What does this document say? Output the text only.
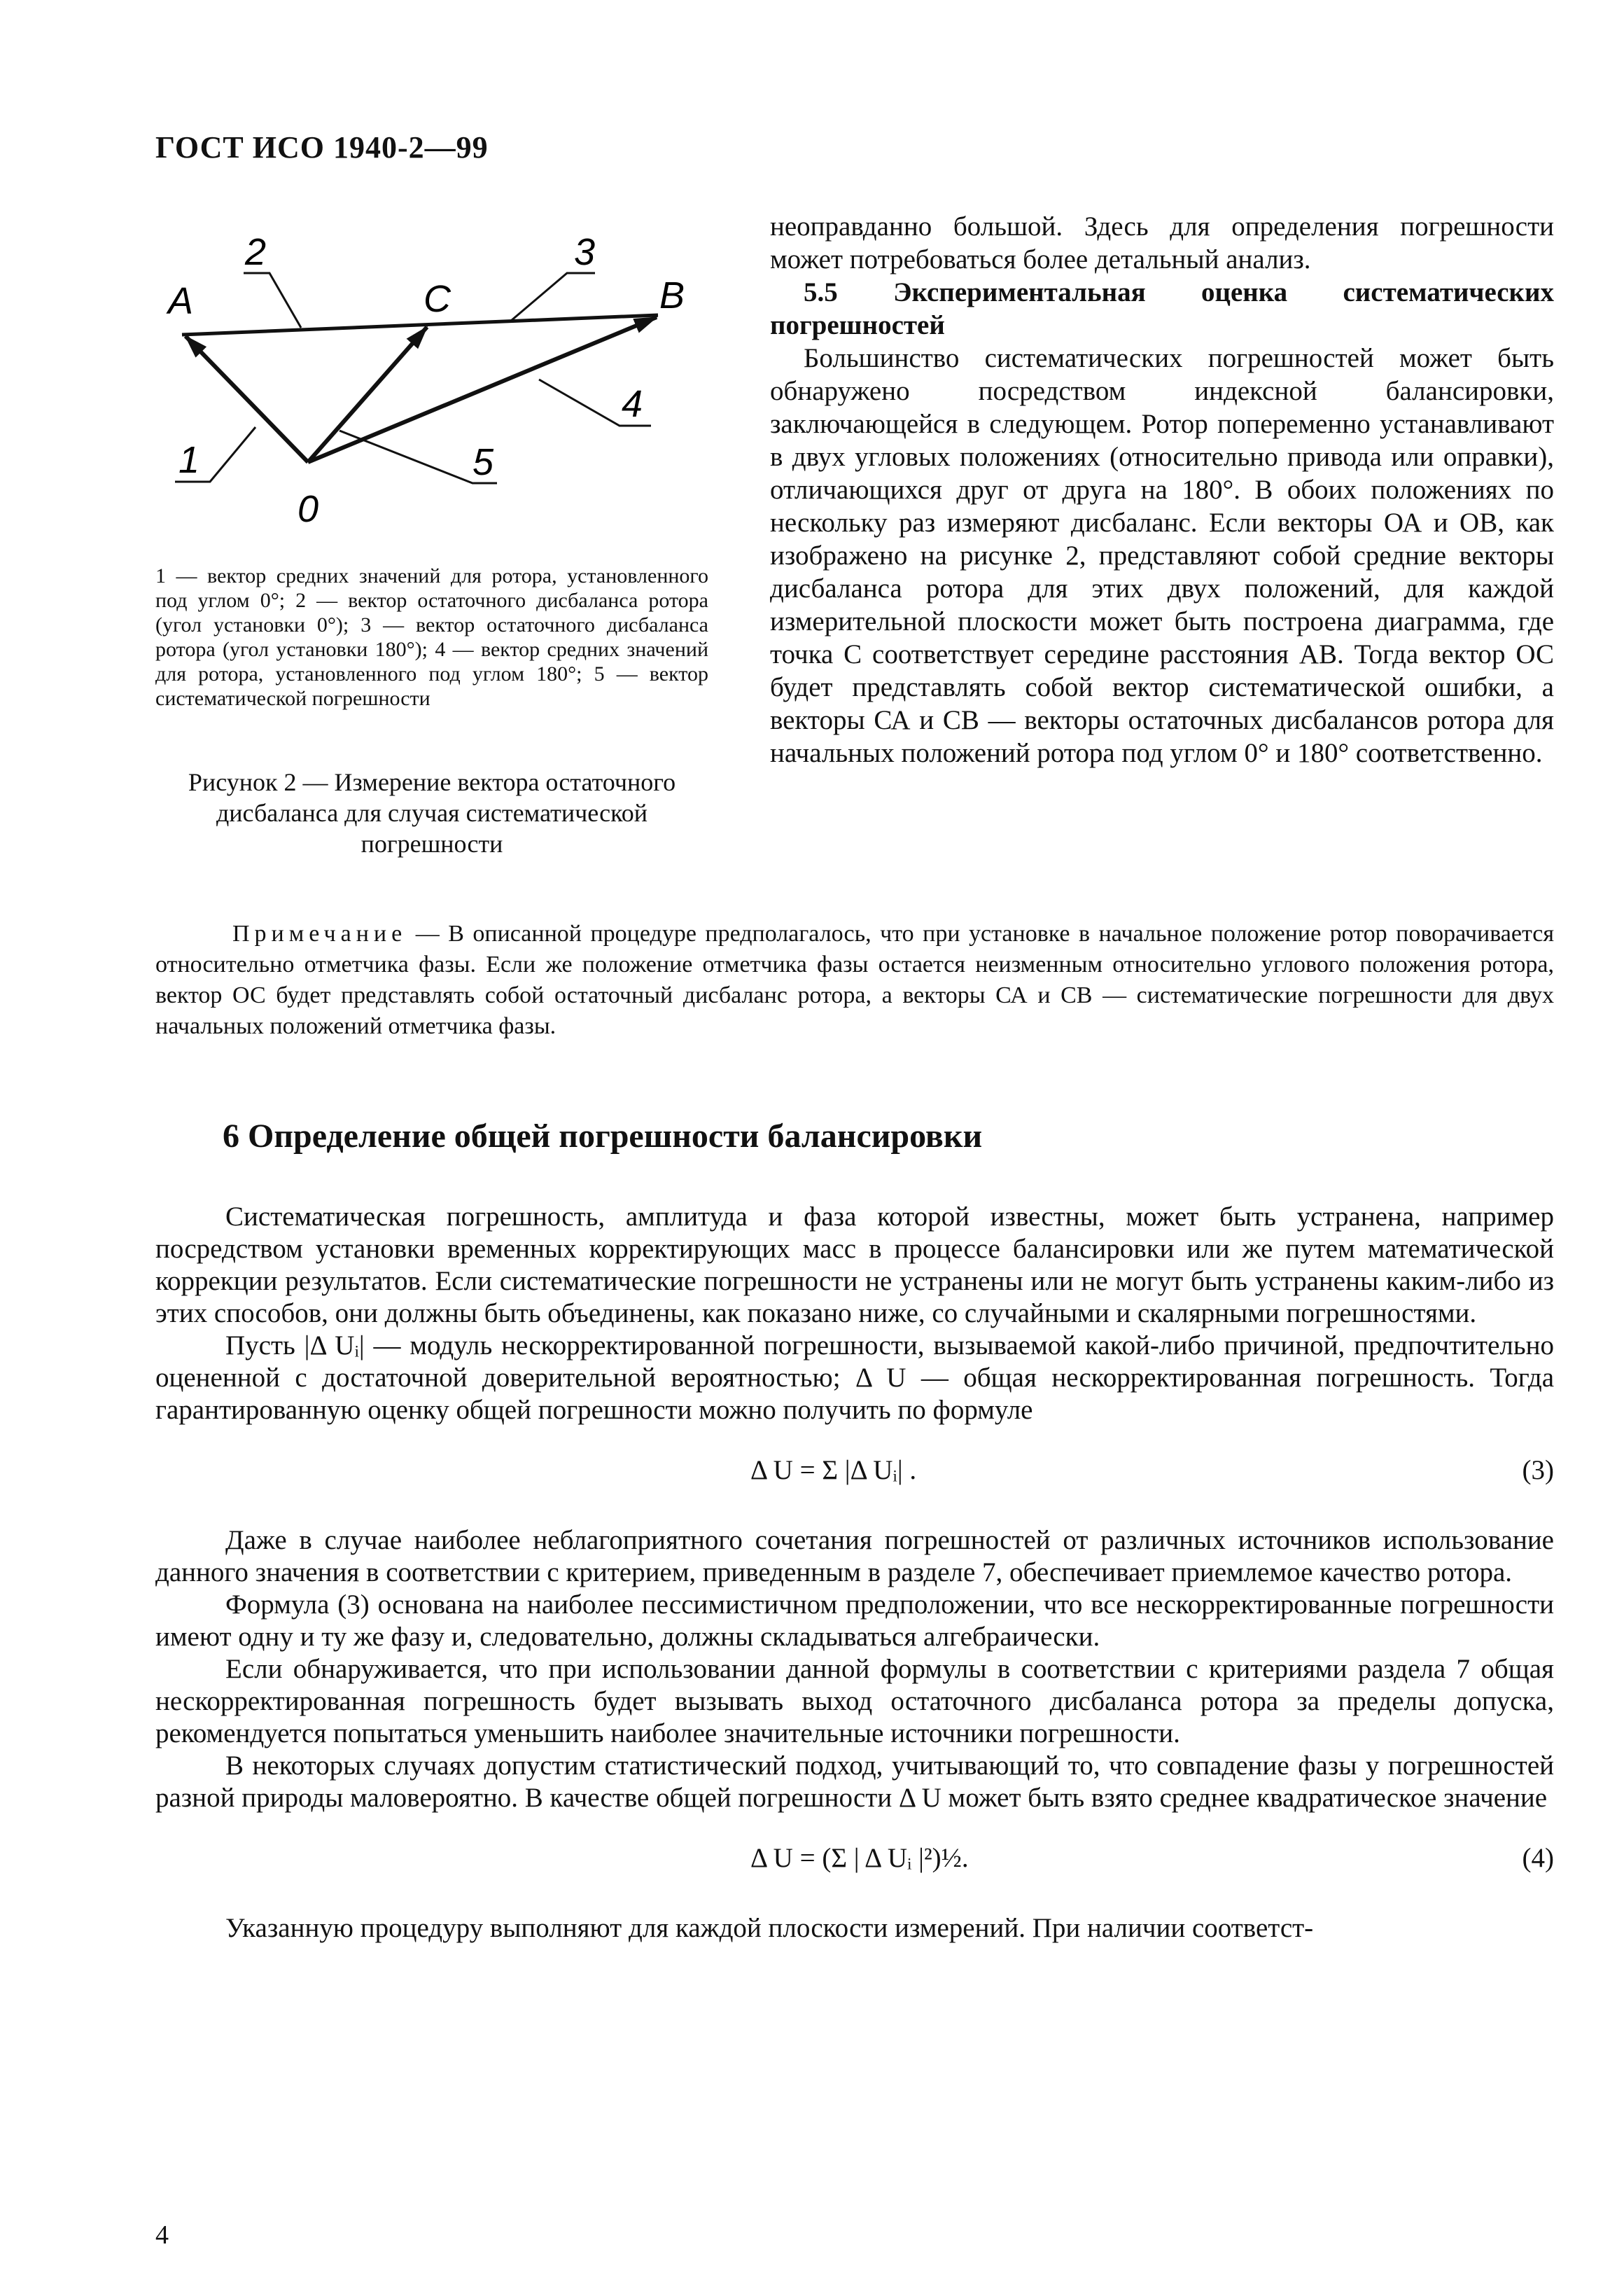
ГОСТ ИСО 1940-2—99
A	C	B
0
2	3
4
5
1
1 — вектор средних значений для ротора, установленного под углом 0°; 2 — вектор остаточного дисбаланса ротора (угол установки 0°); 3 — вектор остаточного дисбаланса ротора (угол установки 180°); 4 — вектор средних значений для ротора, установленного под углом 180°; 5 — вектор систематической погрешности
Рисунок 2 — Измерение вектора остаточного дисбаланса для случая систематической погрешности

неоправданно большой. Здесь для определения погрешности может потребоваться более детальный анализ.

5.5 Экспериментальная оценка систематических погрешностей

Большинство систематических погрешностей может быть обнаружено посредством индексной балансировки, заключающейся в следующем. Ротор попеременно устанавливают в двух угловых положениях (относительно привода или оправки), отличающихся друг от друга на 180°. В обоих положениях по нескольку раз измеряют дисбаланс. Если векторы ОА и ОВ, как изображено на рисунке 2, представляют собой средние векторы дисбаланса ротора для этих двух положений, для каждой измерительной плоскости может быть построена диаграмма, где точка С соответствует середине расстояния АВ. Тогда вектор ОС будет представлять собой вектор систематической ошибки, а векторы СА и СВ — векторы остаточных дисбалансов ротора для начальных положений ротора под углом 0° и 180° соответственно.

Примечание — В описанной процедуре предполагалось, что при установке в начальное положение ротор поворачивается относительно отметчика фазы. Если же положение отметчика фазы остается неизменным относительно углового положения ротора, вектор ОС будет представлять собой остаточный дисбаланс ротора, а векторы СА и СВ — систематические погрешности для двух начальных положений отметчика фазы.
6 Определение общей погрешности балансировки

Систематическая погрешность, амплитуда и фаза которой известны, может быть устранена, например посредством установки временных корректирующих масс в процессе балансировки или же путем математической коррекции результатов. Если систематические погрешности не устранены или не могут быть устранены каким-либо из этих способов, они должны быть объединены, как показано ниже, со случайными и скалярными погрешностями.

Пусть |Δ Uᵢ| — модуль нескорректированной погрешности, вызываемой какой-либо причиной, предпочтительно оцененной с достаточной доверительной вероятностью; Δ U — общая нескорректированная погрешность. Тогда гарантированную оценку общей погрешности можно получить по формуле

Δ U = Σ |Δ Uᵢ| .	(3)

Даже в случае наиболее неблагоприятного сочетания погрешностей от различных источников использование данного значения в соответствии с критерием, приведенным в разделе 7, обеспечивает приемлемое качество ротора.

Формула (3) основана на наиболее пессимистичном предположении, что все нескорректированные погрешности имеют одну и ту же фазу и, следовательно, должны складываться алгебраически.

Если обнаруживается, что при использовании данной формулы в соответствии с критериями раздела 7 общая нескорректированная погрешность будет вызывать выход остаточного дисбаланса ротора за пределы допуска, рекомендуется попытаться уменьшить наиболее значительные источники погрешности.

В некоторых случаях допустим статистический подход, учитывающий то, что совпадение фазы у погрешностей разной природы маловероятно. В качестве общей погрешности Δ U может быть взято среднее квадратическое значение

Δ U = (Σ | Δ Uᵢ |²)½.	(4)

Указанную процедуру выполняют для каждой плоскости измерений. При наличии соответст-

4
